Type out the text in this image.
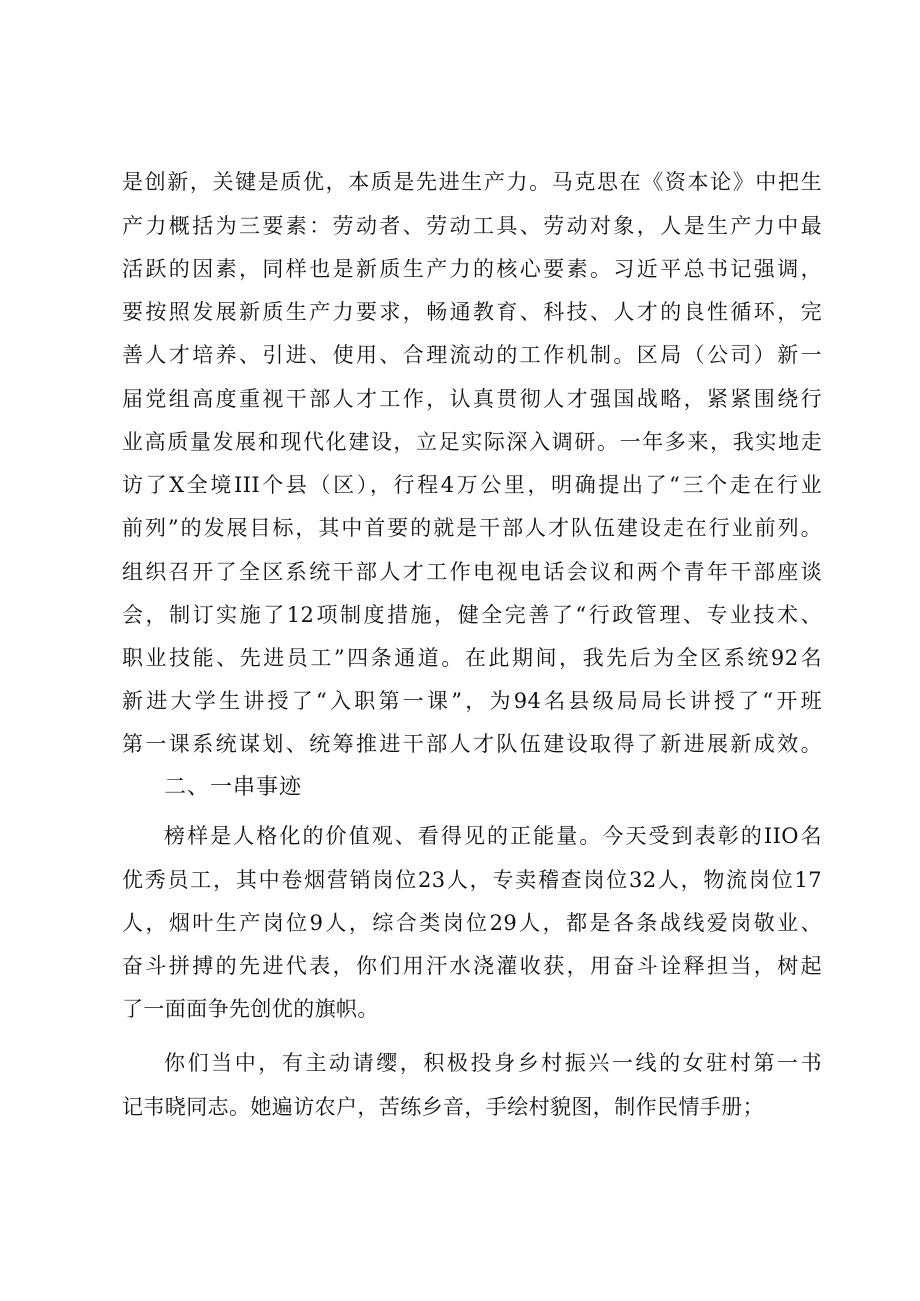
是创新，关键是质优，本质是先进生产力。马克思在《资本论》中把生
产力概括为三要素：劳动者、劳动工具、劳动对象，人是生产力中最
活跃的因素，同样也是新质生产力的核心要素。习近平总书记强调，
要按照发展新质生产力要求，畅通教育、科技、人才的良性循环，完
善人才培养、引进、使用、合理流动的工作机制。区局（公司）新一
届党组高度重视干部人才工作，认真贯彻人才强国战略，紧紧围绕行
业高质量发展和现代化建设，立足实际深入调研。一年多来，我实地走
访了X全境III个县（区），行程4万公里，明确提出了“三个走在行业
前列”的发展目标，其中首要的就是干部人才队伍建设走在行业前列。
组织召开了全区系统干部人才工作电视电话会议和两个青年干部座谈
会，制订实施了12项制度措施，健全完善了“行政管理、专业技术、
职业技能、先进员工”四条通道。在此期间，我先后为全区系统92名
新进大学生讲授了“入职第一课”，为94名县级局局长讲授了“开班
第一课系统谋划、统筹推进干部人才队伍建设取得了新进展新成效。
二、一串事迹
榜样是人格化的价值观、看得见的正能量。今天受到表彰的IIO名
优秀员工，其中卷烟营销岗位23人，专卖稽查岗位32人，物流岗位17
人，烟叶生产岗位9人，综合类岗位29人，都是各条战线爱岗敬业、
奋斗拼搏的先进代表，你们用汗水浇灌收获，用奋斗诠释担当，树起
了一面面争先创优的旗帜。
你们当中，有主动请缨，积极投身乡村振兴一线的女驻村第一书
记韦晓同志。她遍访农户，苦练乡音，手绘村貌图，制作民情手册；
